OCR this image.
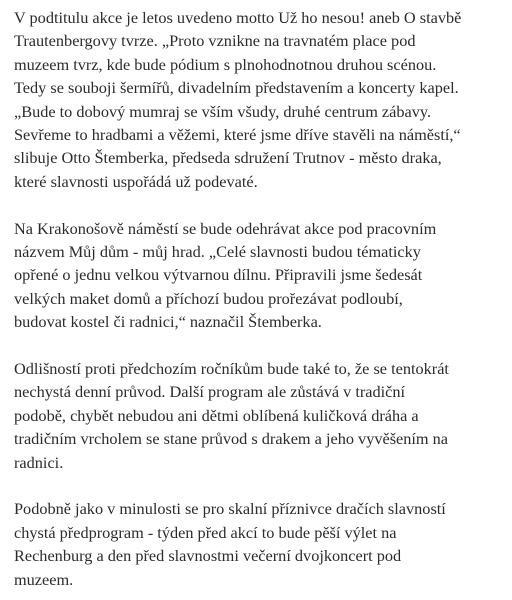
V podtitulu akce je letos uvedeno motto Už ho nesou! aneb O stavbě
Trautenbergovy tvrze. „Proto vznikne na travnatém place pod
muzeem tvrz, kde bude pódium s plnohodnotnou druhou scénou.
Tedy se souboji šermířů, divadelním představením a koncerty kapel.
„Bude to dobový mumraj se vším všudy, druhé centrum zábavy.
Sevřeme to hradbami a věžemi, které jsme dříve stavěli na náměstí,“
slibuje Otto Štemberka, předseda sdružení Trutnov - město draka,
které slavnosti uspořádá už podevaté.

Na Krakonošově náměstí se bude odehrávat akce pod pracovním
názvem Můj dům - můj hrad. „Celé slavnosti budou tématicky
opřené o jednu velkou výtvarnou dílnu. Připravili jsme šedesát
velkých maket domů a příchozí budou prořezávat podloubí,
budovat kostel či radnici,“ naznačil Štemberka.

Odlišností proti předchozím ročníkům bude také to, že se tentokrát
nechystá denní průvod. Další program ale zůstává v tradiční
podobě, chybět nebudou ani dětmi oblíbená kuličková dráha a
tradičním vrcholem se stane průvod s drakem a jeho vyvěšením na
radnici.

Podobně jako v minulosti se pro skalní příznivce dračích slavností
chystá předprogram - týden před akcí to bude pěší výlet na
Rechenburg a den před slavnostmi večerní dvojkoncert pod
muzeem.
